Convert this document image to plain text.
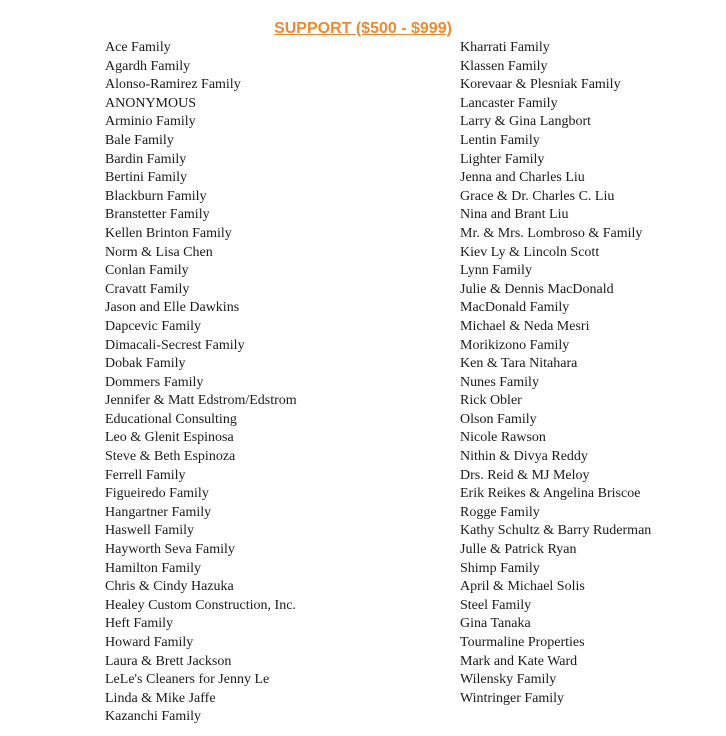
SUPPORT ($500 - $999)
Ace Family
Agardh Family
Alonso-Ramirez Family
ANONYMOUS
Arminio Family
Bale Family
Bardin Family
Bertini Family
Blackburn Family
Branstetter Family
Kellen Brinton Family
Norm & Lisa Chen
Conlan Family
Cravatt Family
Jason and Elle Dawkins
Dapcevic Family
Dimacali-Secrest Family
Dobak Family
Dommers Family
Jennifer & Matt Edstrom/Edstrom
Educational Consulting
Leo & Glenit Espinosa
Steve & Beth Espinoza
Ferrell Family
Figueiredo Family
Hangartner Family
Haswell Family
Hayworth Seva Family
Hamilton Family
Chris & Cindy Hazuka
Healey Custom Construction, Inc.
Heft Family
Howard Family
Laura & Brett Jackson
LeLe's Cleaners for Jenny Le
Linda & Mike Jaffe
Kazanchi Family
Kharrati Family
Klassen Family
Korevaar & Plesniak Family
Lancaster Family
Larry & Gina Langbort
Lentin Family
Lighter Family
Jenna and Charles Liu
Grace & Dr. Charles C. Liu
Nina and Brant Liu
Mr. & Mrs. Lombroso & Family
Kiev Ly & Lincoln Scott
Lynn Family
Julie & Dennis MacDonald
MacDonald Family
Michael & Neda Mesri
Morikizono Family
Ken & Tara Nitahara
Nunes Family
Rick Obler
Olson Family
Nicole Rawson
Nithin & Divya Reddy
Drs. Reid & MJ Meloy
Erik Reikes & Angelina Briscoe
Rogge Family
Kathy Schultz & Barry Ruderman
Julle & Patrick Ryan
Shimp Family
April & Michael Solis
Steel Family
Gina Tanaka
Tourmaline Properties
Mark and Kate Ward
Wilensky Family
Wintringer Family
